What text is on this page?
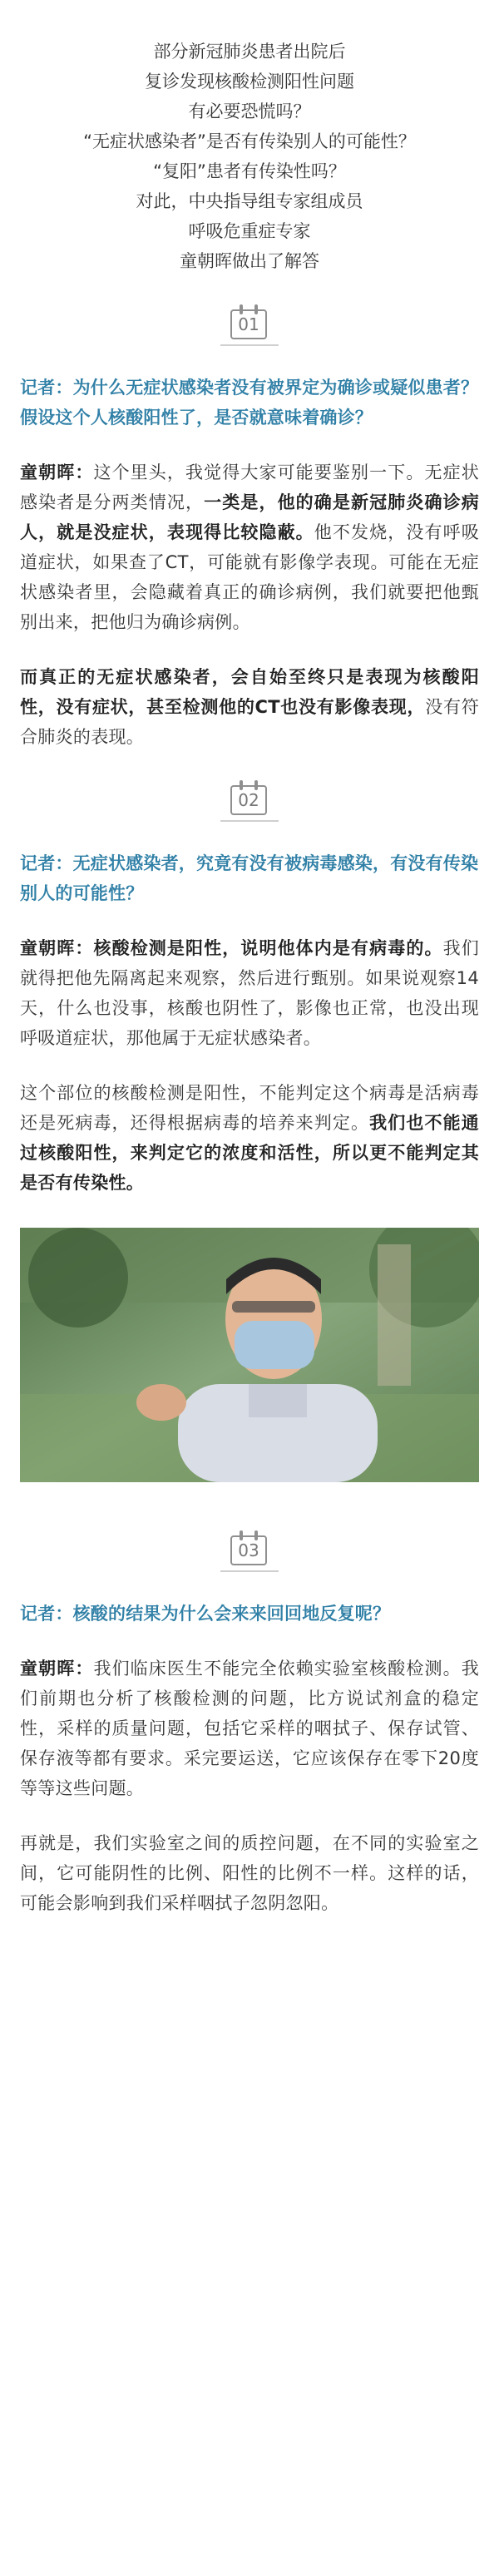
部分新冠肺炎患者出院后

复诊发现核酸检测阳性问题

有必要恐慌吗？

“无症状感染者”是否有传染别人的可能性？

“复阳”患者有传染性吗？

对此，中央指导组专家组成员

呼吸危重症专家

童朝晖做出了解答

01
记者：为什么无症状感染者没有被界定为确诊或疑似患者？假设这个人核酸阳性了，是否就意味着确诊？

童朝晖：这个里头，我觉得大家可能要鉴别一下。无症状感染者是分两类情况，一类是，他的确是新冠肺炎确诊病人，就是没症状，表现得比较隐蔽。他不发烧，没有呼吸道症状，如果查了CT，可能就有影像学表现。可能在无症状感染者里，会隐藏着真正的确诊病例，我们就要把他甄别出来，把他归为确诊病例。

而真正的无症状感染者，会自始至终只是表现为核酸阳性，没有症状，甚至检测他的CT也没有影像表现，没有符合肺炎的表现。

02
记者：无症状感染者，究竟有没有被病毒感染，有没有传染别人的可能性？

童朝晖：核酸检测是阳性，说明他体内是有病毒的。我们就得把他先隔离起来观察，然后进行甄别。如果说观察14天，什么也没事，核酸也阴性了，影像也正常，也没出现呼吸道症状，那他属于无症状感染者。

这个部位的核酸检测是阳性，不能判定这个病毒是活病毒还是死病毒，还得根据病毒的培养来判定。我们也不能通过核酸阳性，来判定它的浓度和活性，所以更不能判定其是否有传染性。

03
记者：核酸的结果为什么会来来回回地反复呢？

童朝晖：我们临床医生不能完全依赖实验室核酸检测。我们前期也分析了核酸检测的问题，比方说试剂盒的稳定性，采样的质量问题，包括它采样的咽拭子、保存试管、保存液等都有要求。采完要运送，它应该保存在零下20度等等这些问题。

再就是，我们实验室之间的质控问题，在不同的实验室之间，它可能阴性的比例、阳性的比例不一样。这样的话，可能会影响到我们采样咽拭子忽阴忽阳。
